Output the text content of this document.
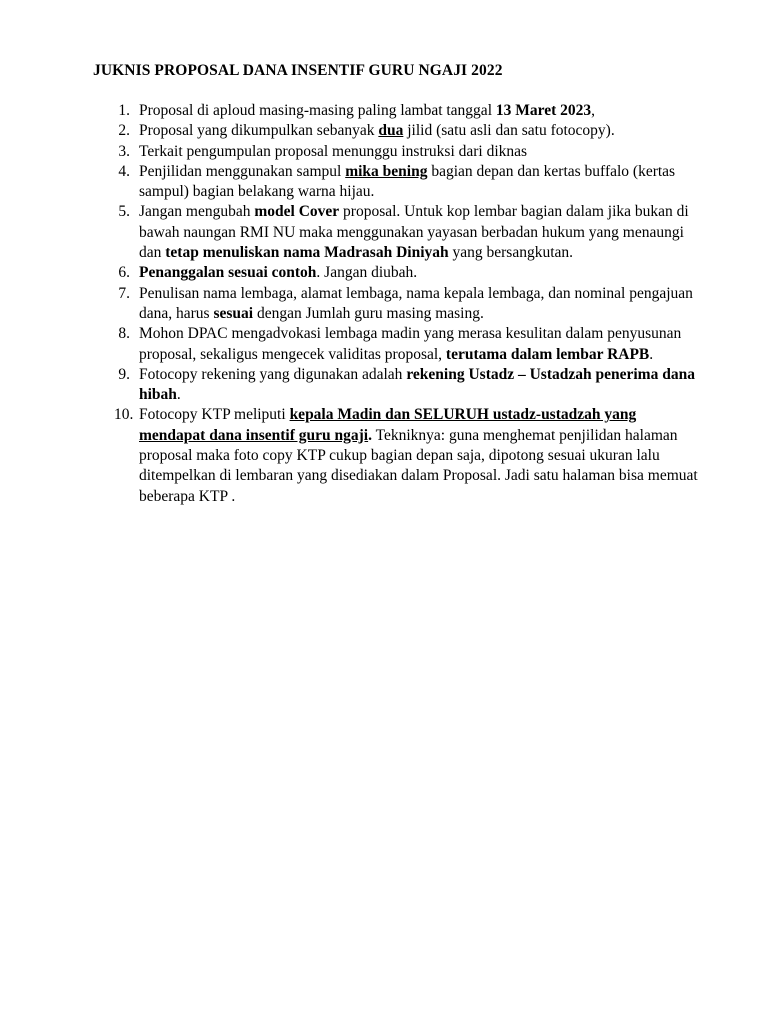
JUKNIS PROPOSAL DANA INSENTIF GURU NGAJI 2022
1. Proposal di aploud masing-masing paling lambat tanggal 13 Maret 2023,
2. Proposal yang dikumpulkan sebanyak dua jilid (satu asli dan satu fotocopy).
3. Terkait pengumpulan proposal menunggu instruksi dari diknas
4. Penjilidan menggunakan sampul mika bening bagian depan dan kertas buffalo (kertas sampul) bagian belakang warna hijau.
5. Jangan mengubah model Cover proposal. Untuk kop lembar bagian dalam jika bukan di bawah naungan RMI NU maka menggunakan yayasan berbadan hukum yang menaungi dan tetap menuliskan nama Madrasah Diniyah yang bersangkutan.
6. Penanggalan sesuai contoh. Jangan diubah.
7. Penulisan nama lembaga, alamat lembaga, nama kepala lembaga, dan nominal pengajuan dana, harus sesuai dengan Jumlah guru masing masing.
8. Mohon DPAC mengadvokasi lembaga madin yang merasa kesulitan dalam penyusunan proposal, sekaligus mengecek validitas proposal, terutama dalam lembar RAPB.
9. Fotocopy rekening yang digunakan adalah rekening Ustadz – Ustadzah penerima dana hibah.
10. Fotocopy KTP meliputi kepala Madin dan SELURUH ustadz-ustadzah yang mendapat dana insentif guru ngaji. Tekniknya: guna menghemat penjilidan halaman proposal maka foto copy KTP cukup bagian depan saja, dipotong sesuai ukuran lalu ditempelkan di lembaran yang disediakan dalam Proposal. Jadi satu halaman bisa memuat beberapa KTP .
